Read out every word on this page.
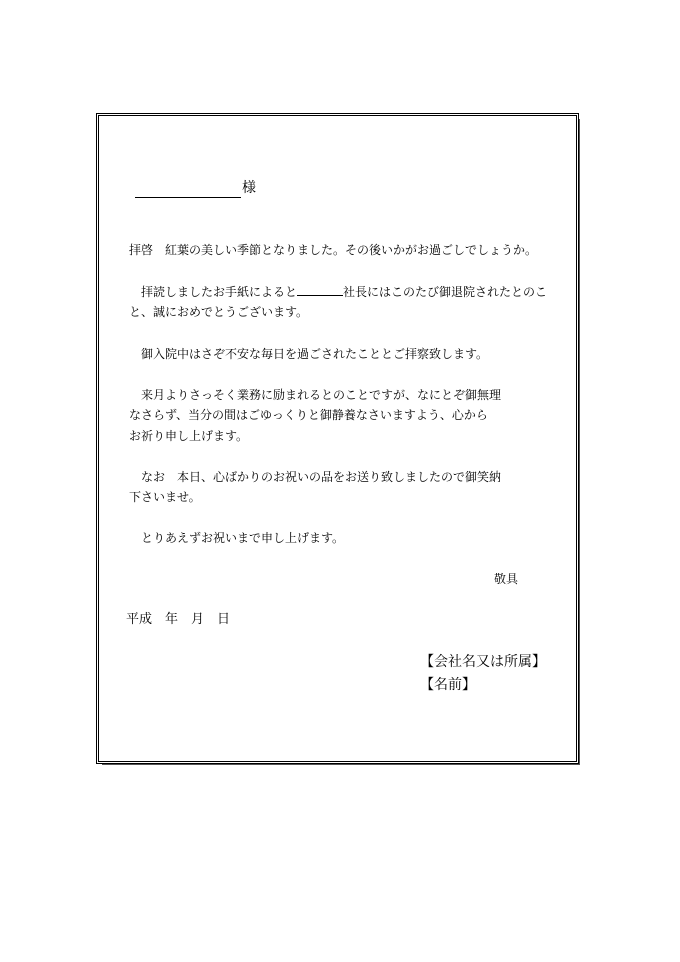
様
拝啓　紅葉の美しい季節となりました。その後いかがお過ごしでしょうか。
　拝読しましたお手紙によると	社長にはこのたび御退院されたとのこ
と、誠におめでとうございます。
　御入院中はさぞ不安な毎日を過ごされたこととご拝察致します。
　来月よりさっそく業務に励まれるとのことですが、なにとぞ御無理
なさらず、当分の間はごゆっくりと御静養なさいますよう、心から
お祈り申し上げます。
　なお　本日、心ばかりのお祝いの品をお送り致しましたので御笑納
下さいませ。
　とりあえずお祝いまで申し上げます。
敬具
平成　年　月　日
【会社名又は所属】
【名前】
